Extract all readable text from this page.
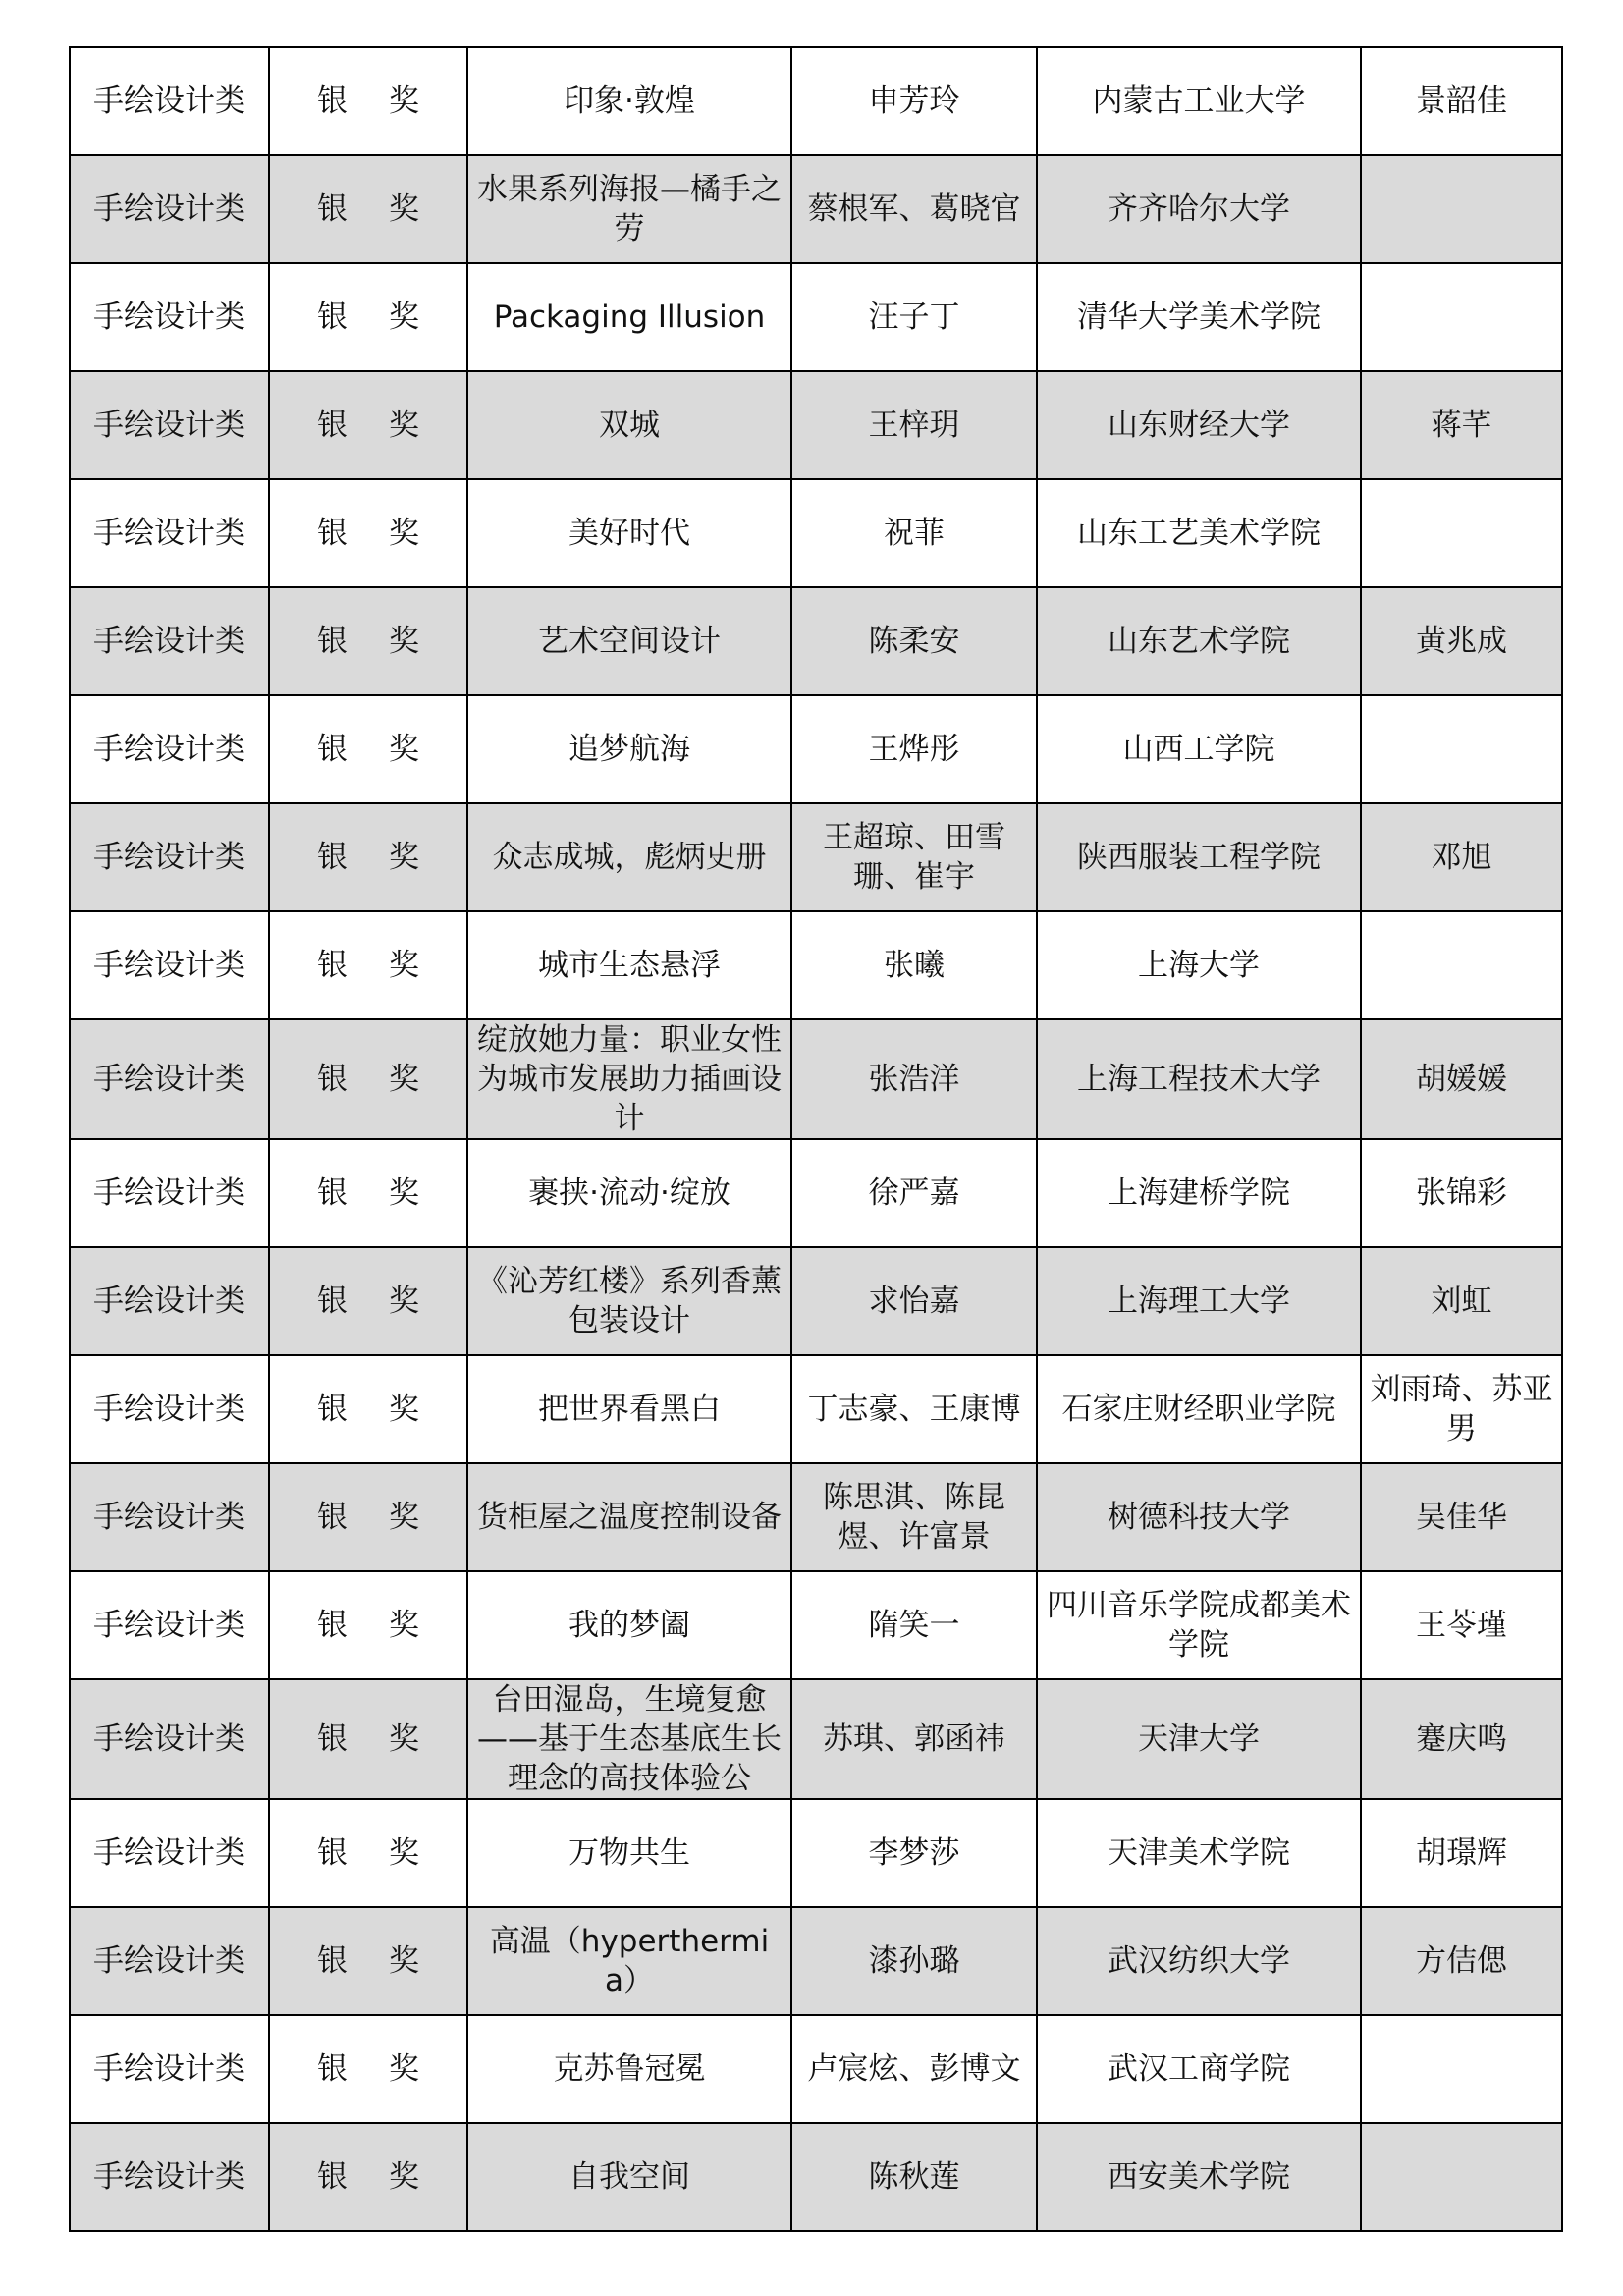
手绘设计类	银 奖	印象·敦煌	申芳玲	内蒙古工业大学	景韶佳
手绘设计类	银 奖	水果系列海报—橘手之劳	蔡根军、葛晓官	齐齐哈尔大学	
手绘设计类	银 奖	Packaging Illusion	汪子丁	清华大学美术学院	
手绘设计类	银 奖	双城	王梓玥	山东财经大学	蒋芊
手绘设计类	银 奖	美好时代	祝菲	山东工艺美术学院	
手绘设计类	银 奖	艺术空间设计	陈柔安	山东艺术学院	黄兆成
手绘设计类	银 奖	追梦航海	王烨彤	山西工学院	
手绘设计类	银 奖	众志成城，彪炳史册	王超琼、田雪珊、崔宇	陕西服装工程学院	邓旭
手绘设计类	银 奖	城市生态悬浮	张曦	上海大学	
手绘设计类	银 奖	绽放她力量：职业女性为城市发展助力插画设计	张浩洋	上海工程技术大学	胡媛媛
手绘设计类	银 奖	裹挟·流动·绽放	徐严嘉	上海建桥学院	张锦彩
手绘设计类	银 奖	《沁芳红楼》系列香薰包装设计	求怡嘉	上海理工大学	刘虹
手绘设计类	银 奖	把世界看黑白	丁志豪、王康博	石家庄财经职业学院	刘雨琦、苏亚男
手绘设计类	银 奖	货柜屋之温度控制设备	陈思淇、陈昆煜、许富景	树德科技大学	吴佳华
手绘设计类	银 奖	我的梦阖	隋笑一	四川音乐学院成都美术学院	王苓瑾
手绘设计类	银 奖	台田湿岛，生境复愈——基于生态基底生长理念的高技体验公	苏琪、郭函祎	天津大学	蹇庆鸣
手绘设计类	银 奖	万物共生	李梦莎	天津美术学院	胡璟辉
手绘设计类	银 奖	高温（hyperthermia）	漆孙璐	武汉纺织大学	方佶偲
手绘设计类	银 奖	克苏鲁冠冕	卢宸炫、彭博文	武汉工商学院	
手绘设计类	银 奖	自我空间	陈秋莲	西安美术学院	
